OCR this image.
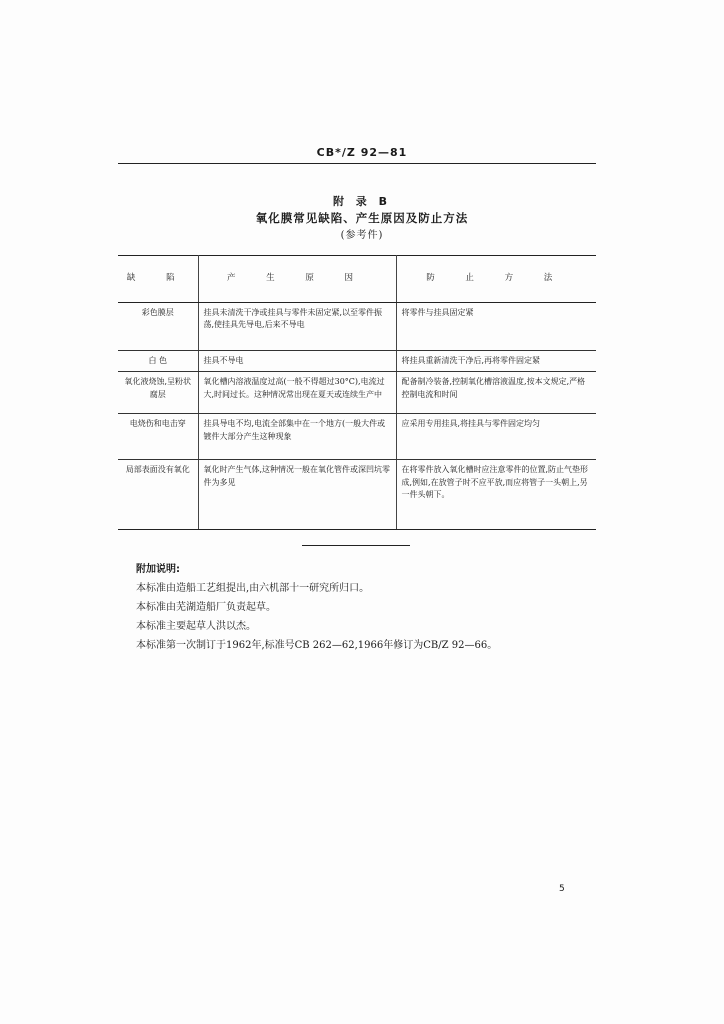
CB*/Z 92—81
附 录 B
氧化膜常见缺陷、产生原因及防止方法
(参考件)
缺 陷	产 生 原 因	防 止 方 法
彩色膜层	挂具未清洗干净或挂具与零件未固定紧,以至零件振荡,使挂具先导电,后来不导电	将零件与挂具固定紧
白 色	挂具不导电	将挂具重新清洗干净后,再将零件固定紧
氧化液烧蚀,呈粉状腐层	氧化槽内溶液温度过高(一般不得超过30°C),电流过大,时间过长。这种情况常出现在夏天或连续生产中	配备制冷装备,控制氧化槽溶液温度,按本文规定,严格控制电流和时间
电烧伤和电击穿	挂具导电不均,电流全部集中在一个地方(一般大件或镀件大部分产生这种现象	应采用专用挂具,将挂具与零件固定均匀
局部表面没有氧化	氧化时产生气体,这种情况一般在氧化管件或深凹坑零件为多见	在将零件放入氧化槽时应注意零件的位置,防止气垫形成,例如,在放管子时不应平放,而应将管子一头朝上,另一件头朝下。
附加说明:
本标准由造船工艺组提出,由六机部十一研究所归口。
本标准由芜湖造船厂负责起草。
本标准主要起草人洪以杰。
本标准第一次制订于1962年,标准号CB 262—62,1966年修订为CB/Z 92—66。
5
